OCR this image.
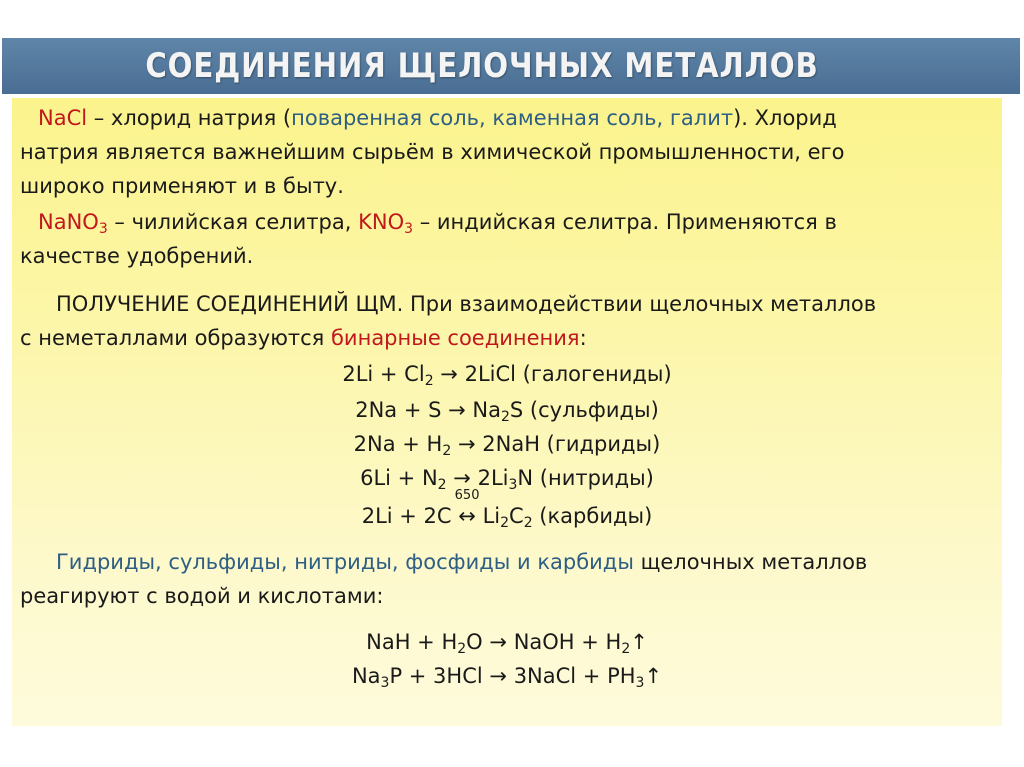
СОЕДИНЕНИЯ ЩЕЛОЧНЫХ МЕТАЛЛОВ
NaCl – хлорид натрия (поваренная соль, каменная соль, галит). Хлорид
натрия является важнейшим сырьём в химической промышленности, его
широко применяют и в быту.
NaNO$_3$ – чилийская селитра, $KNO_3$ – индийская селитра. Применяются в
качестве удобрений.
ПОЛУЧЕНИЕ СОЕДИНЕНИЙ ЩМ. При взаимодействии щелочных металлов
с неметаллами образуются бинарные соединения:
$2Li + Cl_2$ → 2LiCl (галогениды)
$2Na + S \to Na_2S$ (сульфиды)
$2Na + H_2 \to 2NaH$ (гидриды)
$6Li + N_2 \to 2Li_3N$ (нитриды)
2Li + 2C
650
↔ $Li_2C_2$ (карбиды)
Гидриды, сульфиды, нитриды, фосфиды и карбиды щелочных металлов
реагируют с водой и кислотами:
NaH + $H_2O$ → NaOH + $H_2↑$
$Na_3P + 3HCl$ → 3NaCl + $PH_3↑$
